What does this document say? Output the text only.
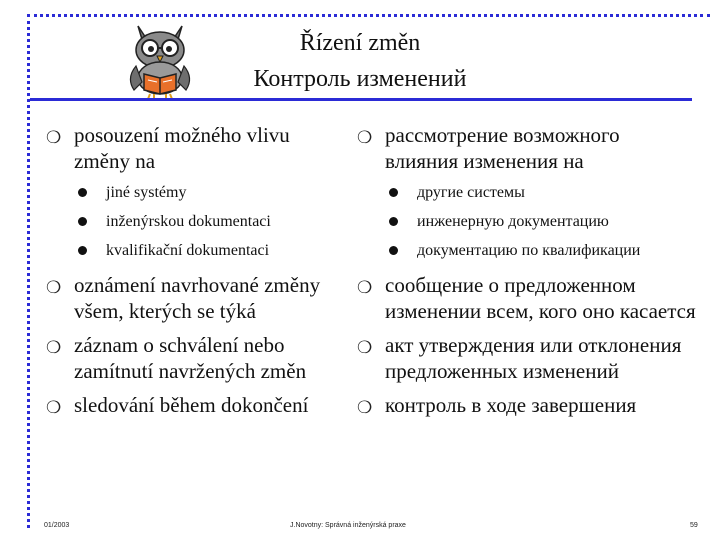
Řízení změn
Контроль изменений
❍ posouzení možného vlivu změny na
jiné systémy
inženýrskou dokumentaci
kvalifikační dokumentaci
❍ oznámení navrhované změny všem, kterých se týká
❍ záznam o schválení nebo zamítnutí navržených změn
❍ sledování během dokončení
❍ рассмотрение возможного влияния изменения на
другие системы
инженерную документацию
документацию по квалификации
❍ сообщение о предложенном изменении всем, кого оно касается
❍ акт утверждения или отклонения предложенных изменений
❍ контроль в ходе завершения
01/2003	J.Novotny: Správná inženýrská praxe	59
